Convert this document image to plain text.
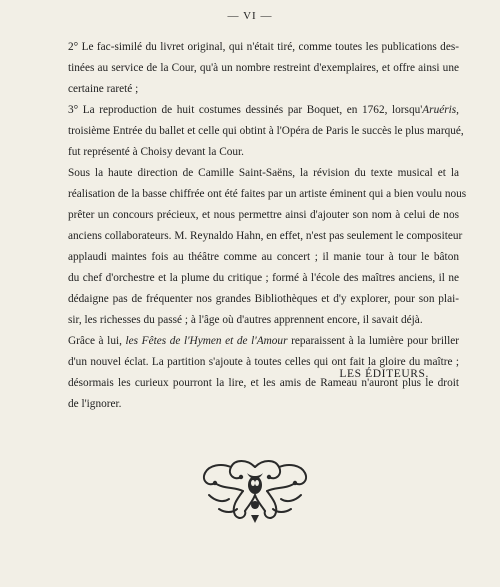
— VI —

2° Le fac-similé du livret original, qui n'était tiré, comme toutes les publications des-
tinées au service de la Cour, qu'à un nombre restreint d'exemplaires, et offre ainsi une
certaine rareté ;

3° La reproduction de huit costumes dessinés par Boquet, en 1762, lorsqu'Aruéris,
troisième Entrée du ballet et celle qui obtint à l'Opéra de Paris le succès le plus marqué,
fut représenté à Choisy devant la Cour.

Sous la haute direction de Camille Saint-Saëns, la révision du texte musical et la
réalisation de la basse chiffrée ont été faites par un artiste éminent qui a bien voulu nous
prêter un concours précieux, et nous permettre ainsi d'ajouter son nom à celui de nos
anciens collaborateurs. M. Reynaldo Hahn, en effet, n'est pas seulement le compositeur
applaudi maintes fois au théâtre comme au concert ; il manie tour à tour le bâton
du chef d'orchestre et la plume du critique ; formé à l'école des maîtres anciens, il ne
dédaigne pas de fréquenter nos grandes Bibliothèques et d'y explorer, pour son plai-
sir, les richesses du passé ; à l'âge où d'autres apprennent encore, il savait déjà.

Grâce à lui, les Fêtes de l'Hymen et de l'Amour reparaissent à la lumière pour briller
d'un nouvel éclat. La partition s'ajoute à toutes celles qui ont fait la gloire du maître ;
désormais les curieux pourront la lire, et les amis de Rameau n'auront plus le droit
de l'ignorer.

LES ÉDITEURS.
